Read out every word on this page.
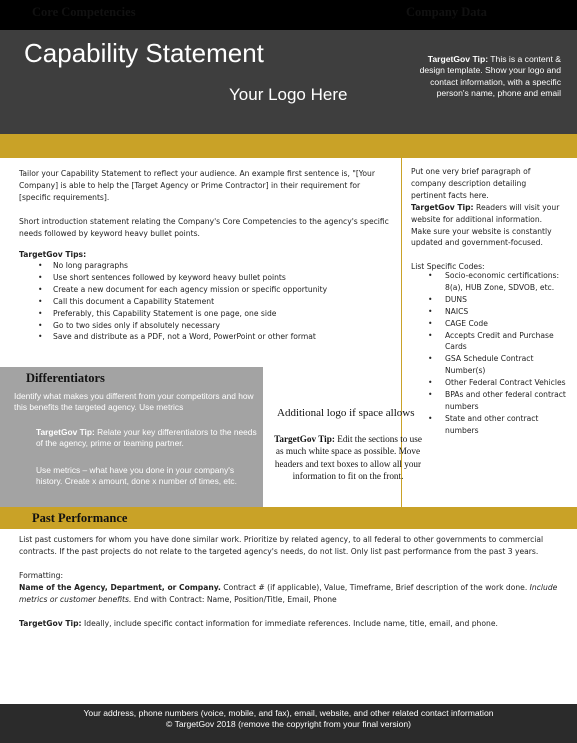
Capability Statement
Your Logo Here
TargetGov Tip: This is a content & design template. Show your logo and contact information, with a specific person's name, phone and email
Core Competencies	Company Data

Tailor your Capability Statement to reflect your audience. An example first sentence is, "[Your Company] is able to help the [Target Agency or Prime Contractor] in their requirement for [specific requirements].

Short introduction statement relating the Company's Core Competencies to the agency's specific needs followed by keyword heavy bullet points.

TargetGov Tips:
• No long paragraphs
• Use short sentences followed by keyword heavy bullet points
• Create a new document for each agency mission or specific opportunity
• Call this document a Capability Statement
• Preferably, this Capability Statement is one page, one side
• Go to two sides only if absolutely necessary
• Save and distribute as a PDF, not a Word, PowerPoint or other format

Put one very brief paragraph of company description detailing pertinent facts here.

TargetGov Tip: Readers will visit your website for additional information. Make sure your website is constantly updated and government-focused.

List Specific Codes:
• Socio-economic certifications: 8(a), HUB Zone, SDVOB, etc.
• DUNS
• NAICS
• CAGE Code
• Accepts Credit and Purchase Cards
• GSA Schedule Contract Number(s)
• Other Federal Contract Vehicles
• BPAs and other federal contract numbers
• State and other contract numbers
Differentiators
Identify what makes you different from your competitors and how this benefits the targeted agency. Use metrics
TargetGov Tip: Relate your key differentiators to the needs of the agency, prime or teaming partner.
Use metrics – what have you done in your company's history. Create x amount, done x number of times, etc.
Additional logo if space allows
TargetGov Tip: Edit the sections to use as much white space as possible. Move headers and text boxes to allow all your information to fit on the front.
Past Performance

List past customers for whom you have done similar work. Prioritize by related agency, to all federal to other governments to commercial contracts. If the past projects do not relate to the targeted agency's needs, do not list. Only list past performance from the past 3 years.

Formatting:

Name of the Agency, Department, or Company. Contract # (if applicable), Value, Timeframe, Brief description of the work done. Include metrics or customer benefits. End with Contract: Name, Position/Title, Email, Phone

TargetGov Tip: Ideally, include specific contact information for immediate references. Include name, title, email, and phone.

Your address, phone numbers (voice, mobile, and fax), email, website, and other related contact information
© TargetGov 2018 (remove the copyright from your final version)
